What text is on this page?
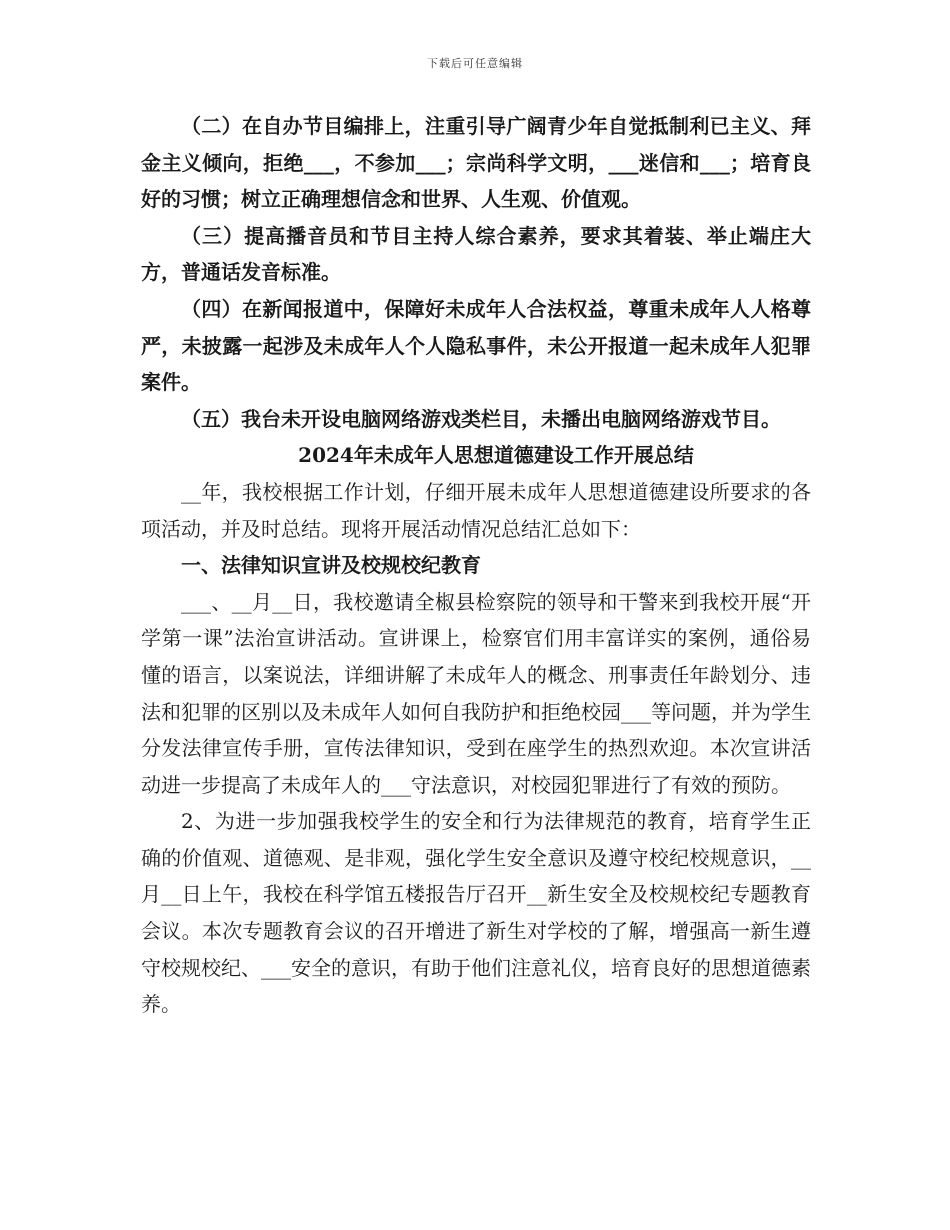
下载后可任意编辑

（二）在自办节目编排上，注重引导广阔青少年自觉抵制利已主义、拜金主义倾向，拒绝___，不参加___；宗尚科学文明，___迷信和___；培育良好的习惯；树立正确理想信念和世界、人生观、价值观。

（三）提高播音员和节目主持人综合素养，要求其着装、举止端庄大方，普通话发音标准。

（四）在新闻报道中，保障好未成年人合法权益，尊重未成年人人格尊严，未披露一起涉及未成年人个人隐私事件，未公开报道一起未成年人犯罪案件。

（五）我台未开设电脑网络游戏类栏目，未播出电脑网络游戏节目。

2024年未成年人思想道德建设工作开展总结

__年，我校根据工作计划，仔细开展未成年人思想道德建设所要求的各项活动，并及时总结。现将开展活动情况总结汇总如下：

一、法律知识宣讲及校规校纪教育

___、__月__日，我校邀请全椒县检察院的领导和干警来到我校开展“开学第一课”法治宣讲活动。宣讲课上，检察官们用丰富详实的案例，通俗易懂的语言，以案说法，详细讲解了未成年人的概念、刑事责任年龄划分、违法和犯罪的区别以及未成年人如何自我防护和拒绝校园___等问题，并为学生分发法律宣传手册，宣传法律知识，受到在座学生的热烈欢迎。本次宣讲活动进一步提高了未成年人的___守法意识，对校园犯罪进行了有效的预防。

2、为进一步加强我校学生的安全和行为法律规范的教育，培育学生正确的价值观、道德观、是非观，强化学生安全意识及遵守校纪校规意识，__月__日上午，我校在科学馆五楼报告厅召开__新生安全及校规校纪专题教育会议。本次专题教育会议的召开增进了新生对学校的了解，增强高一新生遵守校规校纪、___安全的意识，有助于他们注意礼仪，培育良好的思想道德素养。
